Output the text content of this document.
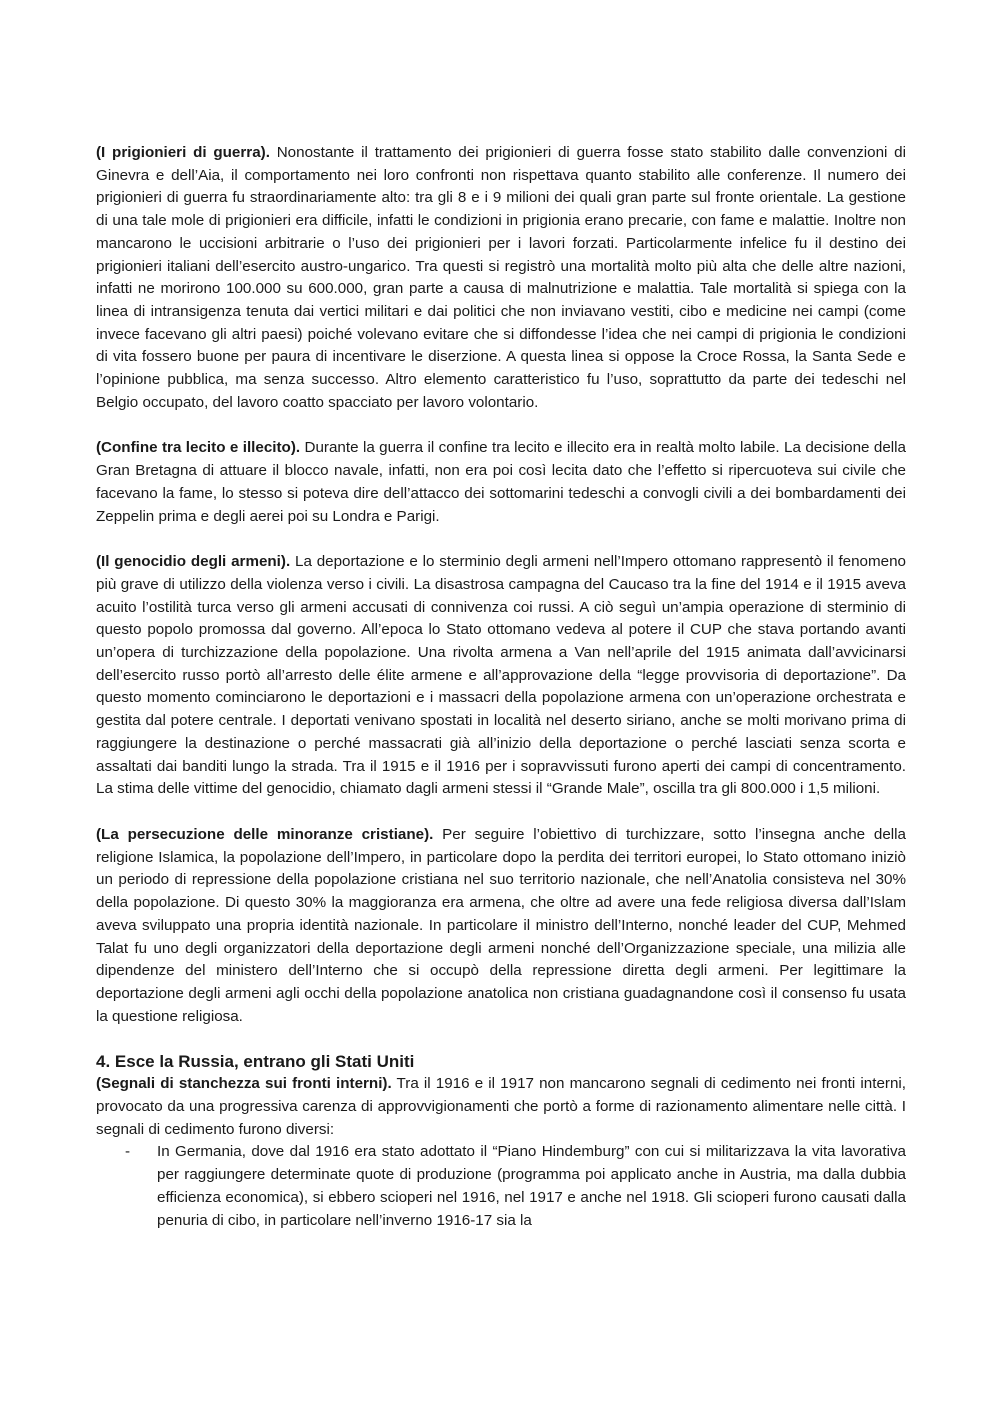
(I prigionieri di guerra). Nonostante il trattamento dei prigionieri di guerra fosse stato stabilito dalle convenzioni di Ginevra e dell’Aia, il comportamento nei loro confronti non rispettava quanto stabilito alle conferenze. Il numero dei prigionieri di guerra fu straordinariamente alto: tra gli 8 e i 9 milioni dei quali gran parte sul fronte orientale. La gestione di una tale mole di prigionieri era difficile, infatti le condizioni in prigionia erano precarie, con fame e malattie. Inoltre non mancarono le uccisioni arbitrarie o l’uso dei prigionieri per i lavori forzati. Particolarmente infelice fu il destino dei prigionieri italiani dell’esercito austro-ungarico. Tra questi si registrò una mortalità molto più alta che delle altre nazioni, infatti ne morirono 100.000 su 600.000, gran parte a causa di malnutrizione e malattia. Tale mortalità si spiega con la linea di intransigenza tenuta dai vertici militari e dai politici che non inviavano vestiti, cibo e medicine nei campi (come invece facevano gli altri paesi) poiché volevano evitare che si diffondesse l’idea che nei campi di prigionia le condizioni di vita fossero buone per paura di incentivare le diserzione. A questa linea si oppose la Croce Rossa, la Santa Sede e l’opinione pubblica, ma senza successo. Altro elemento caratteristico fu l’uso, soprattutto da parte dei tedeschi nel Belgio occupato, del lavoro coatto spacciato per lavoro volontario.

(Confine tra lecito e illecito). Durante la guerra il confine tra lecito e illecito era in realtà molto labile. La decisione della Gran Bretagna di attuare il blocco navale, infatti, non era poi così lecita dato che l’effetto si ripercuoteva sui civile che facevano la fame, lo stesso si poteva dire dell’attacco dei sottomarini tedeschi a convogli civili a dei bombardamenti dei Zeppelin prima e degli aerei poi su Londra e Parigi.

(Il genocidio degli armeni). La deportazione e lo sterminio degli armeni nell’Impero ottomano rappresentò il fenomeno più grave di utilizzo della violenza verso i civili. La disastrosa campagna del Caucaso tra la fine del 1914 e il 1915 aveva acuito l’ostilità turca verso gli armeni accusati di connivenza coi russi. A ciò seguì un’ampia operazione di sterminio di questo popolo promossa dal governo. All’epoca lo Stato ottomano vedeva al potere il CUP che stava portando avanti un’opera di turchizzazione della popolazione. Una rivolta armena a Van nell’aprile del 1915 animata dall’avvicinarsi dell’esercito russo portò all’arresto delle élite armene e all’approvazione della “legge provvisoria di deportazione”. Da questo momento cominciarono le deportazioni e i massacri della popolazione armena con un’operazione orchestrata e gestita dal potere centrale. I deportati venivano spostati in località nel deserto siriano, anche se molti morivano prima di raggiungere la destinazione o perché massacrati già all’inizio della deportazione o perché lasciati senza scorta e assaltati dai banditi lungo la strada. Tra il 1915 e il 1916 per i sopravvissuti furono aperti dei campi di concentramento. La stima delle vittime del genocidio, chiamato dagli armeni stessi il “Grande Male”, oscilla tra gli 800.000 i 1,5 milioni.

(La persecuzione delle minoranze cristiane). Per seguire l’obiettivo di turchizzare, sotto l’insegna anche della religione Islamica, la popolazione dell’Impero, in particolare dopo la perdita dei territori europei, lo Stato ottomano iniziò un periodo di repressione della popolazione cristiana nel suo territorio nazionale, che nell’Anatolia consisteva nel 30% della popolazione. Di questo 30% la maggioranza era armena, che oltre ad avere una fede religiosa diversa dall’Islam aveva sviluppato una propria identità nazionale. In particolare il ministro dell’Interno, nonché leader del CUP, Mehmed Talat fu uno degli organizzatori della deportazione degli armeni nonché dell’Organizzazione speciale, una milizia alle dipendenze del ministero dell’Interno che si occupò della repressione diretta degli armeni. Per legittimare la deportazione degli armeni agli occhi della popolazione anatolica non cristiana guadagnandone così il consenso fu usata la questione religiosa.

4. Esce la Russia, entrano gli Stati Uniti

(Segnali di stanchezza sui fronti interni). Tra il 1916 e il 1917 non mancarono segnali di cedimento nei fronti interni, provocato da una progressiva carenza di approvvigionamenti che portò a forme di razionamento alimentare nelle città. I segnali di cedimento furono diversi:

- In Germania, dove dal 1916 era stato adottato il “Piano Hindemburg” con cui si militarizzava la vita lavorativa per raggiungere determinate quote di produzione (programma poi applicato anche in Austria, ma dalla dubbia efficienza economica), si ebbero scioperi nel 1916, nel 1917 e anche nel 1918. Gli scioperi furono causati dalla penuria di cibo, in particolare nell’inverno 1916-17 sia la
